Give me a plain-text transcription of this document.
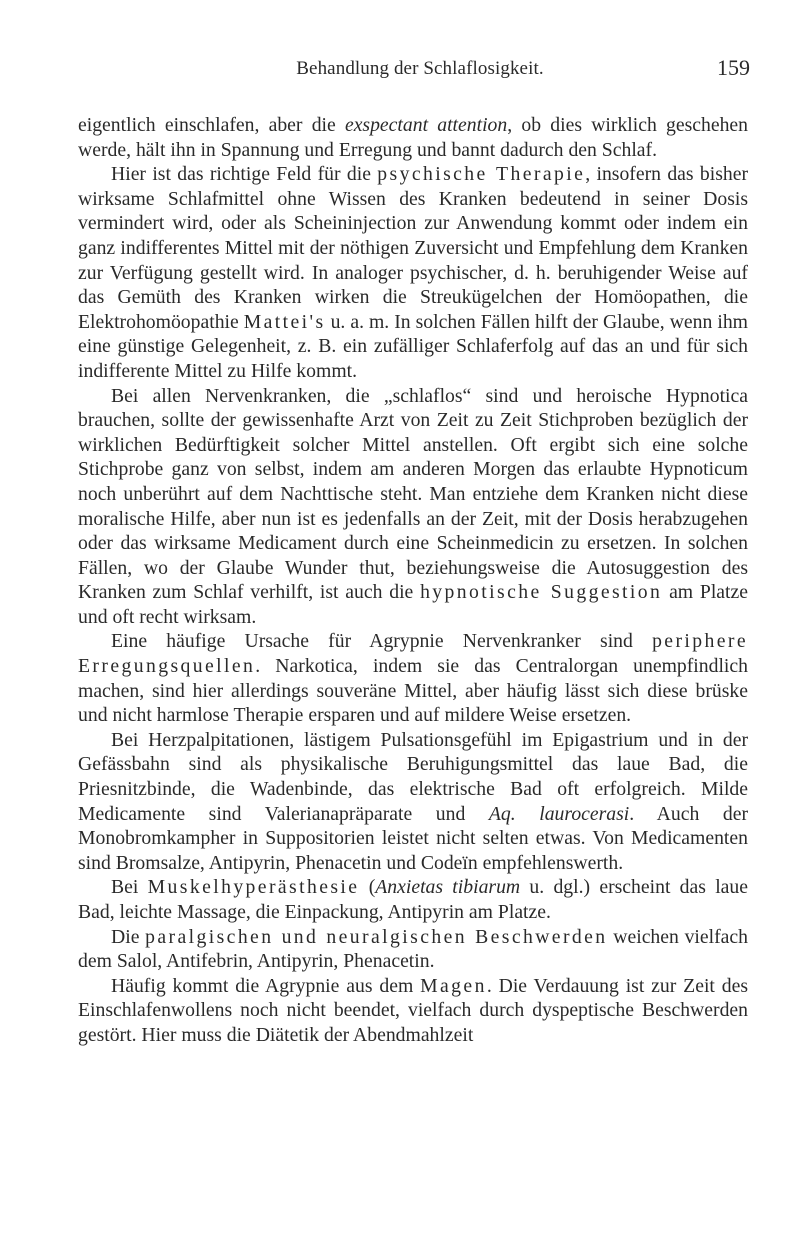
Behandlung der Schlaflosigkeit.	159

eigentlich einschlafen, aber die exspectant attention, ob dies wirklich geschehen werde, hält ihn in Spannung und Erregung und bannt dadurch den Schlaf.

Hier ist das richtige Feld für die psychische Therapie, insofern das bisher wirksame Schlafmittel ohne Wissen des Kranken bedeutend in seiner Dosis vermindert wird, oder als Scheininjection zur Anwendung kommt oder indem ein ganz indifferentes Mittel mit der nöthigen Zuversicht und Empfehlung dem Kranken zur Verfügung gestellt wird. In analoger psychischer, d. h. beruhigender Weise auf das Gemüth des Kranken wirken die Streukügelchen der Homöopathen, die Elektrohomöopathie Mattei's u. a. m. In solchen Fällen hilft der Glaube, wenn ihm eine günstige Gelegenheit, z. B. ein zufälliger Schlaferfolg auf das an und für sich indifferente Mittel zu Hilfe kommt.

Bei allen Nervenkranken, die „schlaflos“ sind und heroische Hypnotica brauchen, sollte der gewissenhafte Arzt von Zeit zu Zeit Stichproben bezüglich der wirklichen Bedürftigkeit solcher Mittel anstellen. Oft ergibt sich eine solche Stichprobe ganz von selbst, indem am anderen Morgen das erlaubte Hypnoticum noch unberührt auf dem Nachttische steht. Man entziehe dem Kranken nicht diese moralische Hilfe, aber nun ist es jedenfalls an der Zeit, mit der Dosis herabzugehen oder das wirksame Medicament durch eine Scheinmedicin zu ersetzen. In solchen Fällen, wo der Glaube Wunder thut, beziehungsweise die Autosuggestion des Kranken zum Schlaf verhilft, ist auch die hypnotische Suggestion am Platze und oft recht wirksam.

Eine häufige Ursache für Agrypnie Nervenkranker sind periphere Erregungsquellen. Narkotica, indem sie das Centralorgan unempfindlich machen, sind hier allerdings souveräne Mittel, aber häufig lässt sich diese brüske und nicht harmlose Therapie ersparen und auf mildere Weise ersetzen.

Bei Herzpalpitationen, lästigem Pulsationsgefühl im Epigastrium und in der Gefässbahn sind als physikalische Beruhigungsmittel das laue Bad, die Priesnitzbinde, die Wadenbinde, das elektrische Bad oft erfolgreich. Milde Medicamente sind Valerianapräparate und Aq. laurocerasi. Auch der Monobromkampher in Suppositorien leistet nicht selten etwas. Von Medicamenten sind Bromsalze, Antipyrin, Phenacetin und Codeïn empfehlenswerth.

Bei Muskelhyperästhesie (Anxietas tibiarum u. dgl.) erscheint das laue Bad, leichte Massage, die Einpackung, Antipyrin am Platze.

Die paralgischen und neuralgischen Beschwerden weichen vielfach dem Salol, Antifebrin, Antipyrin, Phenacetin.

Häufig kommt die Agrypnie aus dem Magen. Die Verdauung ist zur Zeit des Einschlafenwollens noch nicht beendet, vielfach durch dyspeptische Beschwerden gestört. Hier muss die Diätetik der Abendmahlzeit
